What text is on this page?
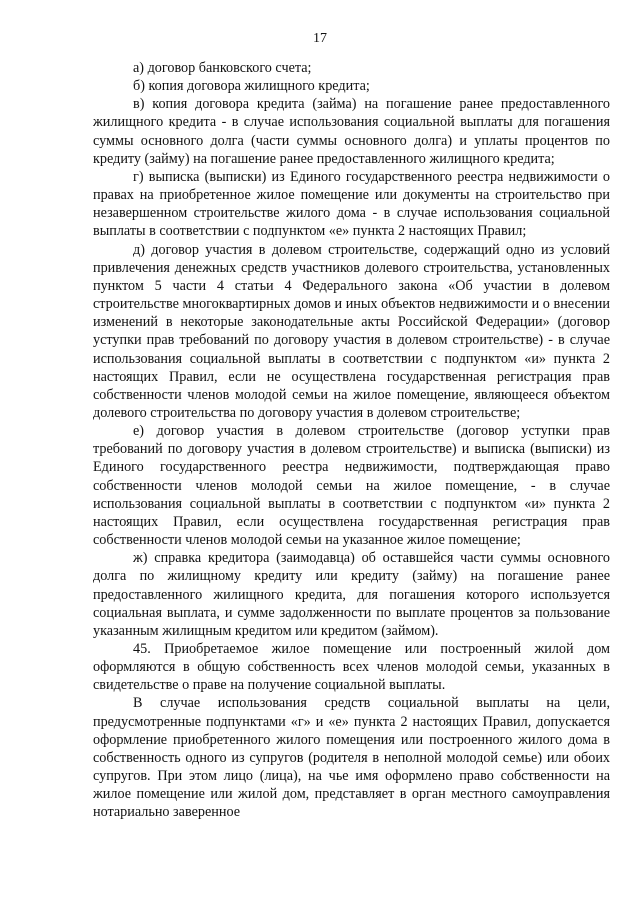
17

а) договор банковского счета;

б) копия договора жилищного кредита;

в) копия договора кредита (займа) на погашение ранее предоставленного жилищного кредита - в случае использования социальной выплаты для погашения суммы основного долга (части суммы основного долга) и уплаты процентов по кредиту (займу) на погашение ранее предоставленного жилищного кредита;

г) выписка (выписки) из Единого государственного реестра недвижимости о правах на приобретенное жилое помещение или документы на строительство при незавершенном строительстве жилого дома - в случае использования социальной выплаты в соответствии с подпунктом «е» пункта 2 настоящих Правил;

д) договор участия в долевом строительстве, содержащий одно из условий привлечения денежных средств участников долевого строительства, установленных пунктом 5 части 4 статьи 4 Федерального закона «Об участии в долевом строительстве многоквартирных домов и иных объектов недвижимости и о внесении изменений в некоторые законодательные акты Российской Федерации» (договор уступки прав требований по договору участия в долевом строительстве) - в случае использования социальной выплаты в соответствии с подпунктом «и» пункта 2 настоящих Правил, если не осуществлена государственная регистрация прав собственности членов молодой семьи на жилое помещение, являющееся объектом долевого строительства по договору участия в долевом строительстве;

е) договор участия в долевом строительстве (договор уступки прав требований по договору участия в долевом строительстве) и выписка (выписки) из Единого государственного реестра недвижимости, подтверждающая право собственности членов молодой семьи на жилое помещение, - в случае использования социальной выплаты в соответствии с подпунктом «и» пункта 2 настоящих Правил, если осуществлена государственная регистрация прав собственности членов молодой семьи на указанное жилое помещение;

ж) справка кредитора (заимодавца) об оставшейся части суммы основного долга по жилищному кредиту или кредиту (займу) на погашение ранее предоставленного жилищного кредита, для погашения которого используется социальная выплата, и сумме задолженности по выплате процентов за пользование указанным жилищным кредитом или кредитом (займом).

45. Приобретаемое жилое помещение или построенный жилой дом оформляются в общую собственность всех членов молодой семьи, указанных в свидетельстве о праве на получение социальной выплаты.

В случае использования средств социальной выплаты на цели, предусмотренные подпунктами «г» и «е» пункта 2 настоящих Правил, допускается оформление приобретенного жилого помещения или построенного жилого дома в собственность одного из супругов (родителя в неполной молодой семье) или обоих супругов. При этом лицо (лица), на чье имя оформлено право собственности на жилое помещение или жилой дом, представляет в орган местного самоуправления нотариально заверенное
